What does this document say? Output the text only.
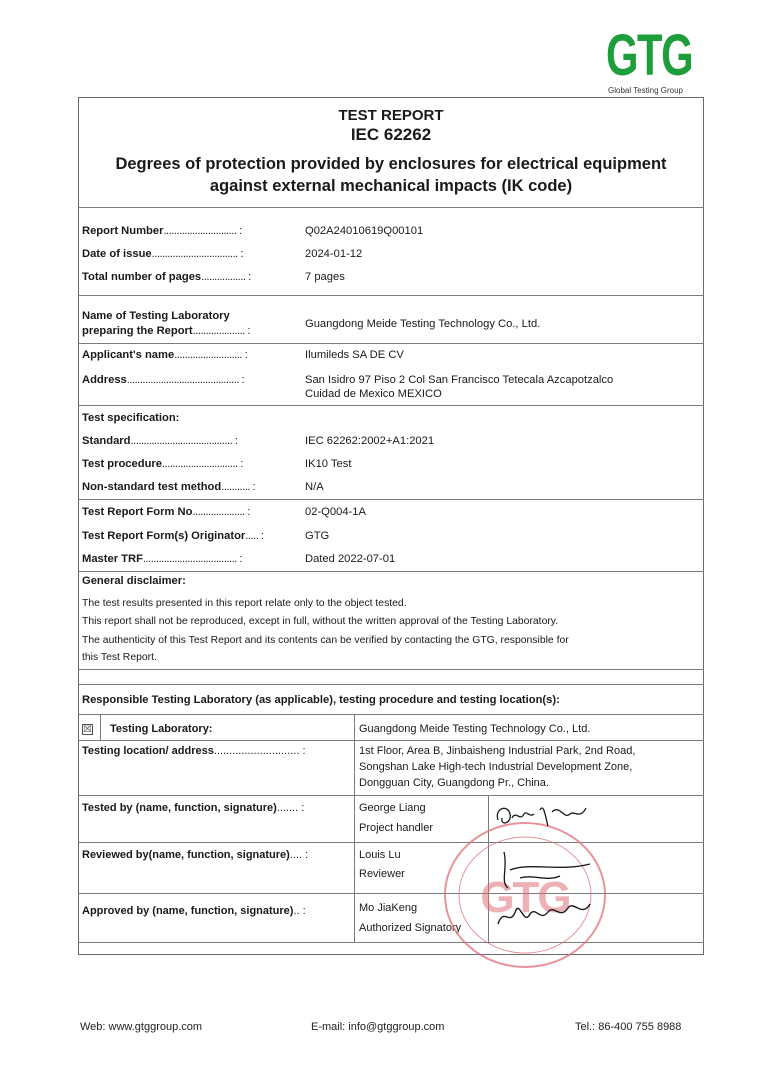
GTG
Global Testing Group
TEST REPORT
IEC 62262
Degrees of protection provided by enclosures for electrical equipment
against external mechanical impacts (IK code)
Report Number............................ :	Q02A24010619Q00101
Date of issue................................. :	2024-01-12
Total number of pages................. :	7 pages
Name of Testing Laboratory
preparing the Report.................... :
Guangdong Meide Testing Technology Co., Ltd.
Applicant's name.......................... :	Ilumileds SA DE CV
Address........................................... :	San Isidro 97 Piso 2 Col San Francisco Tetecala Azcapotzalco
Cuidad de Mexico MEXICO
Test specification:
Standard....................................... :	IEC 62262:2002+A1:2021
Test procedure............................. :	IK10 Test
Non-standard test method........... :	N/A
Test Report Form No.................... :	02-Q004-1A
Test Report Form(s) Originator..... :	GTG
Master TRF.................................... :	Dated 2022-07-01
General disclaimer:
The test results presented in this report relate only to the object tested.
This report shall not be reproduced, except in full, without the written approval of the Testing Laboratory.
The authenticity of this Test Report and its contents can be verified by contacting the GTG, responsible for
this Test Report.
Responsible Testing Laboratory (as applicable), testing procedure and testing location(s):
☒ Testing Laboratory:	Guangdong Meide Testing Technology Co., Ltd.
Testing location/ address............................ :	1st Floor, Area B, Jinbaisheng Industrial Park, 2nd Road,
Songshan Lake High-tech Industrial Development Zone,
Dongguan City, Guangdong Pr., China.
Tested by (name, function, signature)....... :	George Liang
Project handler
Reviewed by(name, function, signature).... :	Louis Lu
Reviewer
Approved by (name, function, signature).. :	Mo JiaKeng
Authorized Signatory
GTG
Web: www.gtggroup.com	E-mail: info@gtggroup.com	Tel.: 86-400 755 8988
